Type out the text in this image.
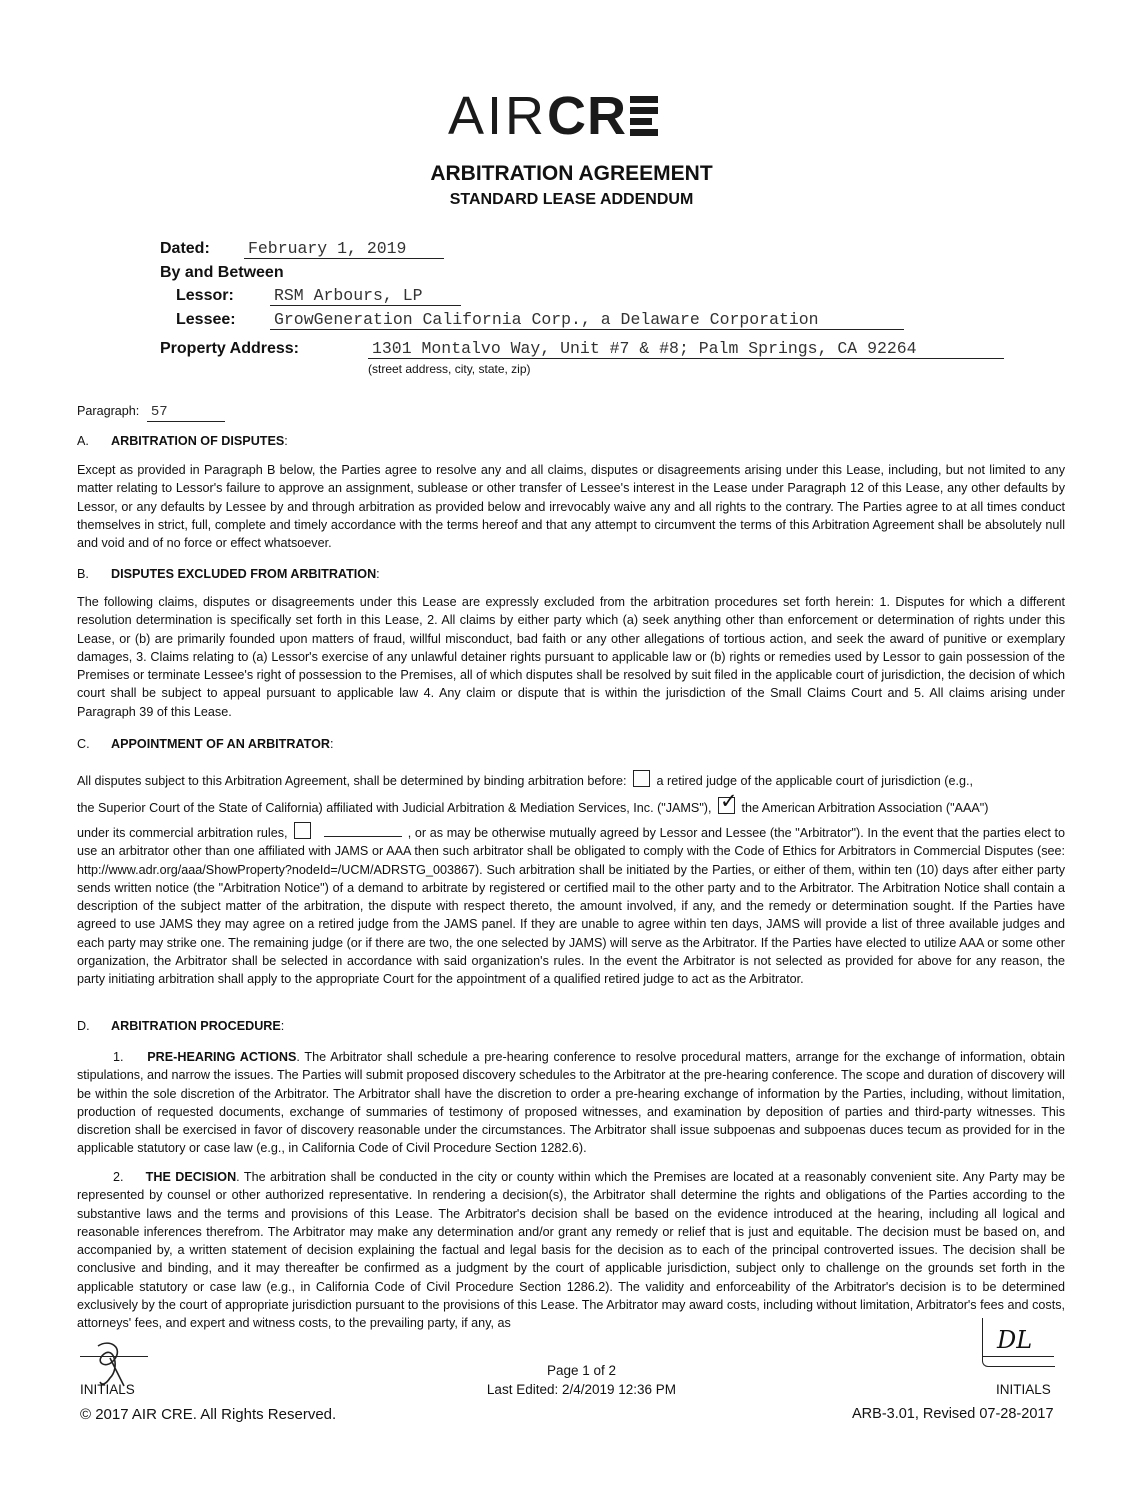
AIRCR
ARBITRATION AGREEMENT
STANDARD LEASE ADDENDUM
Dated: February 1, 2019
By and Between
Lessor: RSM Arbours, LP
Lessee: GrowGeneration California Corp., a Delaware Corporation
Property Address:	1301 Montalvo Way, Unit #7 & #8; Palm Springs, CA 92264
(street address, city, state, zip)
Paragraph: 57
A. ARBITRATION OF DISPUTES:
Except as provided in Paragraph B below, the Parties agree to resolve any and all claims, disputes or disagreements arising under this Lease, including, but not limited to any matter relating to Lessor's failure to approve an assignment, sublease or other transfer of Lessee's interest in the Lease under Paragraph 12 of this Lease, any other defaults by Lessor, or any defaults by Lessee by and through arbitration as provided below and irrevocably waive any and all rights to the contrary. The Parties agree to at all times conduct themselves in strict, full, complete and timely accordance with the terms hereof and that any attempt to circumvent the terms of this Arbitration Agreement shall be absolutely null and void and of no force or effect whatsoever.
B. DISPUTES EXCLUDED FROM ARBITRATION:
The following claims, disputes or disagreements under this Lease are expressly excluded from the arbitration procedures set forth herein: 1. Disputes for which a different resolution determination is specifically set forth in this Lease, 2. All claims by either party which (a) seek anything other than enforcement or determination of rights under this Lease, or (b) are primarily founded upon matters of fraud, willful misconduct, bad faith or any other allegations of tortious action, and seek the award of punitive or exemplary damages, 3. Claims relating to (a) Lessor's exercise of any unlawful detainer rights pursuant to applicable law or (b) rights or remedies used by Lessor to gain possession of the Premises or terminate Lessee's right of possession to the Premises, all of which disputes shall be resolved by suit filed in the applicable court of jurisdiction, the decision of which court shall be subject to appeal pursuant to applicable law 4. Any claim or dispute that is within the jurisdiction of the Small Claims Court and 5. All claims arising under Paragraph 39 of this Lease.
C. APPOINTMENT OF AN ARBITRATOR:
All disputes subject to this Arbitration Agreement, shall be determined by binding arbitration before: a retired judge of the applicable court of jurisdiction (e.g.,
the Superior Court of the State of California) affiliated with Judicial Arbitration & Mediation Services, Inc. ("JAMS"), ✓ the American Arbitration Association ("AAA")
under its commercial arbitration rules,	, or as may be otherwise mutually agreed by Lessor and Lessee (the "Arbitrator"). In the event that the parties elect to use an arbitrator other than one affiliated with JAMS or AAA then such arbitrator shall be obligated to comply with the Code of Ethics for Arbitrators in Commercial Disputes (see: http://www.adr.org/aaa/ShowProperty?nodeId=/UCM/ADRSTG_003867). Such arbitration shall be initiated by the Parties, or either of them, within ten (10) days after either party sends written notice (the "Arbitration Notice") of a demand to arbitrate by registered or certified mail to the other party and to the Arbitrator. The Arbitration Notice shall contain a description of the subject matter of the arbitration, the dispute with respect thereto, the amount involved, if any, and the remedy or determination sought. If the Parties have agreed to use JAMS they may agree on a retired judge from the JAMS panel. If they are unable to agree within ten days, JAMS will provide a list of three available judges and each party may strike one. The remaining judge (or if there are two, the one selected by JAMS) will serve as the Arbitrator. If the Parties have elected to utilize AAA or some other organization, the Arbitrator shall be selected in accordance with said organization's rules. In the event the Arbitrator is not selected as provided for above for any reason, the party initiating arbitration shall apply to the appropriate Court for the appointment of a qualified retired judge to act as the Arbitrator.
D. ARBITRATION PROCEDURE:
1. PRE-HEARING ACTIONS. The Arbitrator shall schedule a pre-hearing conference to resolve procedural matters, arrange for the exchange of information, obtain stipulations, and narrow the issues. The Parties will submit proposed discovery schedules to the Arbitrator at the pre-hearing conference. The scope and duration of discovery will be within the sole discretion of the Arbitrator. The Arbitrator shall have the discretion to order a pre-hearing exchange of information by the Parties, including, without limitation, production of requested documents, exchange of summaries of testimony of proposed witnesses, and examination by deposition of parties and third-party witnesses. This discretion shall be exercised in favor of discovery reasonable under the circumstances. The Arbitrator shall issue subpoenas and subpoenas duces tecum as provided for in the applicable statutory or case law (e.g., in California Code of Civil Procedure Section 1282.6).
2. THE DECISION. The arbitration shall be conducted in the city or county within which the Premises are located at a reasonably convenient site. Any Party may be represented by counsel or other authorized representative. In rendering a decision(s), the Arbitrator shall determine the rights and obligations of the Parties according to the substantive laws and the terms and provisions of this Lease. The Arbitrator's decision shall be based on the evidence introduced at the hearing, including all logical and reasonable inferences therefrom. The Arbitrator may make any determination and/or grant any remedy or relief that is just and equitable. The decision must be based on, and accompanied by, a written statement of decision explaining the factual and legal basis for the decision as to each of the principal controverted issues. The decision shall be conclusive and binding, and it may thereafter be confirmed as a judgment by the court of applicable jurisdiction, subject only to challenge on the grounds set forth in the applicable statutory or case law (e.g., in California Code of Civil Procedure Section 1286.2). The validity and enforceability of the Arbitrator's decision is to be determined exclusively by the court of appropriate jurisdiction pursuant to the provisions of this Lease. The Arbitrator may award costs, including without limitation, Arbitrator's fees and costs, attorneys' fees, and expert and witness costs, to the prevailing party, if any, as
INITIALS
Page 1 of 2
Last Edited: 2/4/2019 12:36 PM
DL
INITIALS
© 2017 AIR CRE. All Rights Reserved.	ARB-3.01, Revised 07-28-2017
